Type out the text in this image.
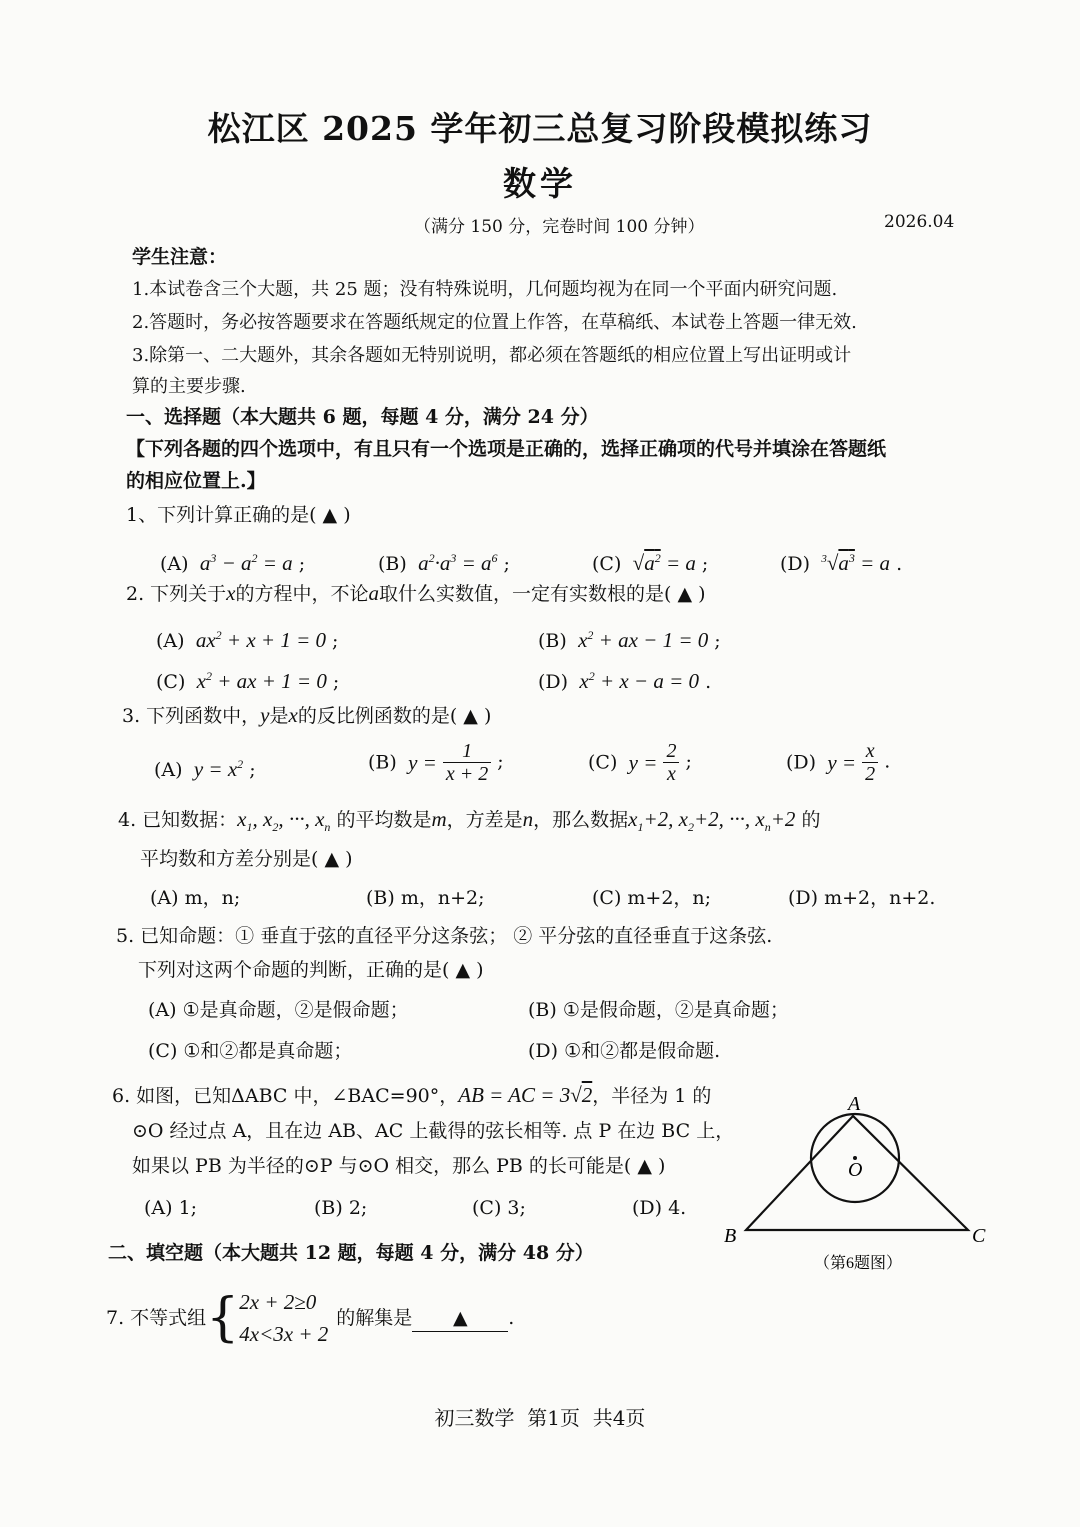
松江区 2025 学年初三总复习阶段模拟练习
数学
（满分 150 分，完卷时间 100 分钟）	2026.04
学生注意：
1.本试卷含三个大题，共 25 题；没有特殊说明，几何题均视为在同一个平面内研究问题.
2.答题时，务必按答题要求在答题纸规定的位置上作答，在草稿纸、本试卷上答题一律无效.
3.除第一、二大题外，其余各题如无特别说明，都必须在答题纸的相应位置上写出证明或计
算的主要步骤.
一、选择题（本大题共 6 题，每题 4 分，满分 24 分）
【下列各题的四个选项中，有且只有一个选项是正确的，选择正确项的代号并填涂在答题纸
的相应位置上.】
1、下列计算正确的是( ▲ )
(A)  $a^3 - a^2 = a$ ;	(B)  $a^2\cdot a^3 = a^6$ ;	(C)  $√a^2 = a$ ;	(D) $^3√a^3 = a$ .
2. 下列关于x的方程中，不论a取什么实数值，一定有实数根的是( ▲ )
(A)  $ax^2 + x + 1 = 0$ ;	(B)  $x^2$ + ax − 1 = 0 ;
(C)  $x^2$ + ax + 1 = 0 ;	(D)  $x^2 + x - a = 0$ .
3. 下列函数中，y是x的反比例函数的是( ▲ )
(A)  $y = x^2$ ;	(B)  $y = \frac{1}{x + 2}$ ;	(C)  $y = \frac{2}{x}$ ;	(D)  $y = \frac{x}{2}$ .
4. 已知数据：$x_1$, $x_2$, ···, $x_n$ 的平均数是m，方差是n，那么数据$x_1+2$, $x_2+2$, ···, $x_n+2$ 的
平均数和方差分别是( ▲ )
(A) m，n;	(B) m，n+2;	(C) m+2，n;	(D) m+2，n+2.
5. 已知命题：① 垂直于弦的直径平分这条弦； ② 平分弦的直径垂直于这条弦.
下列对这两个命题的判断，正确的是( ▲ )
(A) ①是真命题，②是假命题；	(B) ①是假命题，②是真命题；
(C) ①和②都是真命题；	(D) ①和②都是假命题.
6. 如图，已知ΔABC 中，∠BAC=90°，AB = AC = 3√2，半径为 1 的
⊙O 经过点 A，且在边 AB、AC 上截得的弦长相等. 点 P 在边 BC 上，
如果以 PB 为半径的⊙P 与⊙O 相交，那么 PB 的长可能是( ▲ )
(A) 1;	(B) 2;	(C) 3;	(D) 4.
A
O
B	C
（第6题图）
二、填空题（本大题共 12 题，每题 4 分，满分 48 分）
7. 不等式组 { 2x + 2≥0
4x<3x + 2
的解集是	▲	.
初三数学  第1页  共4页
